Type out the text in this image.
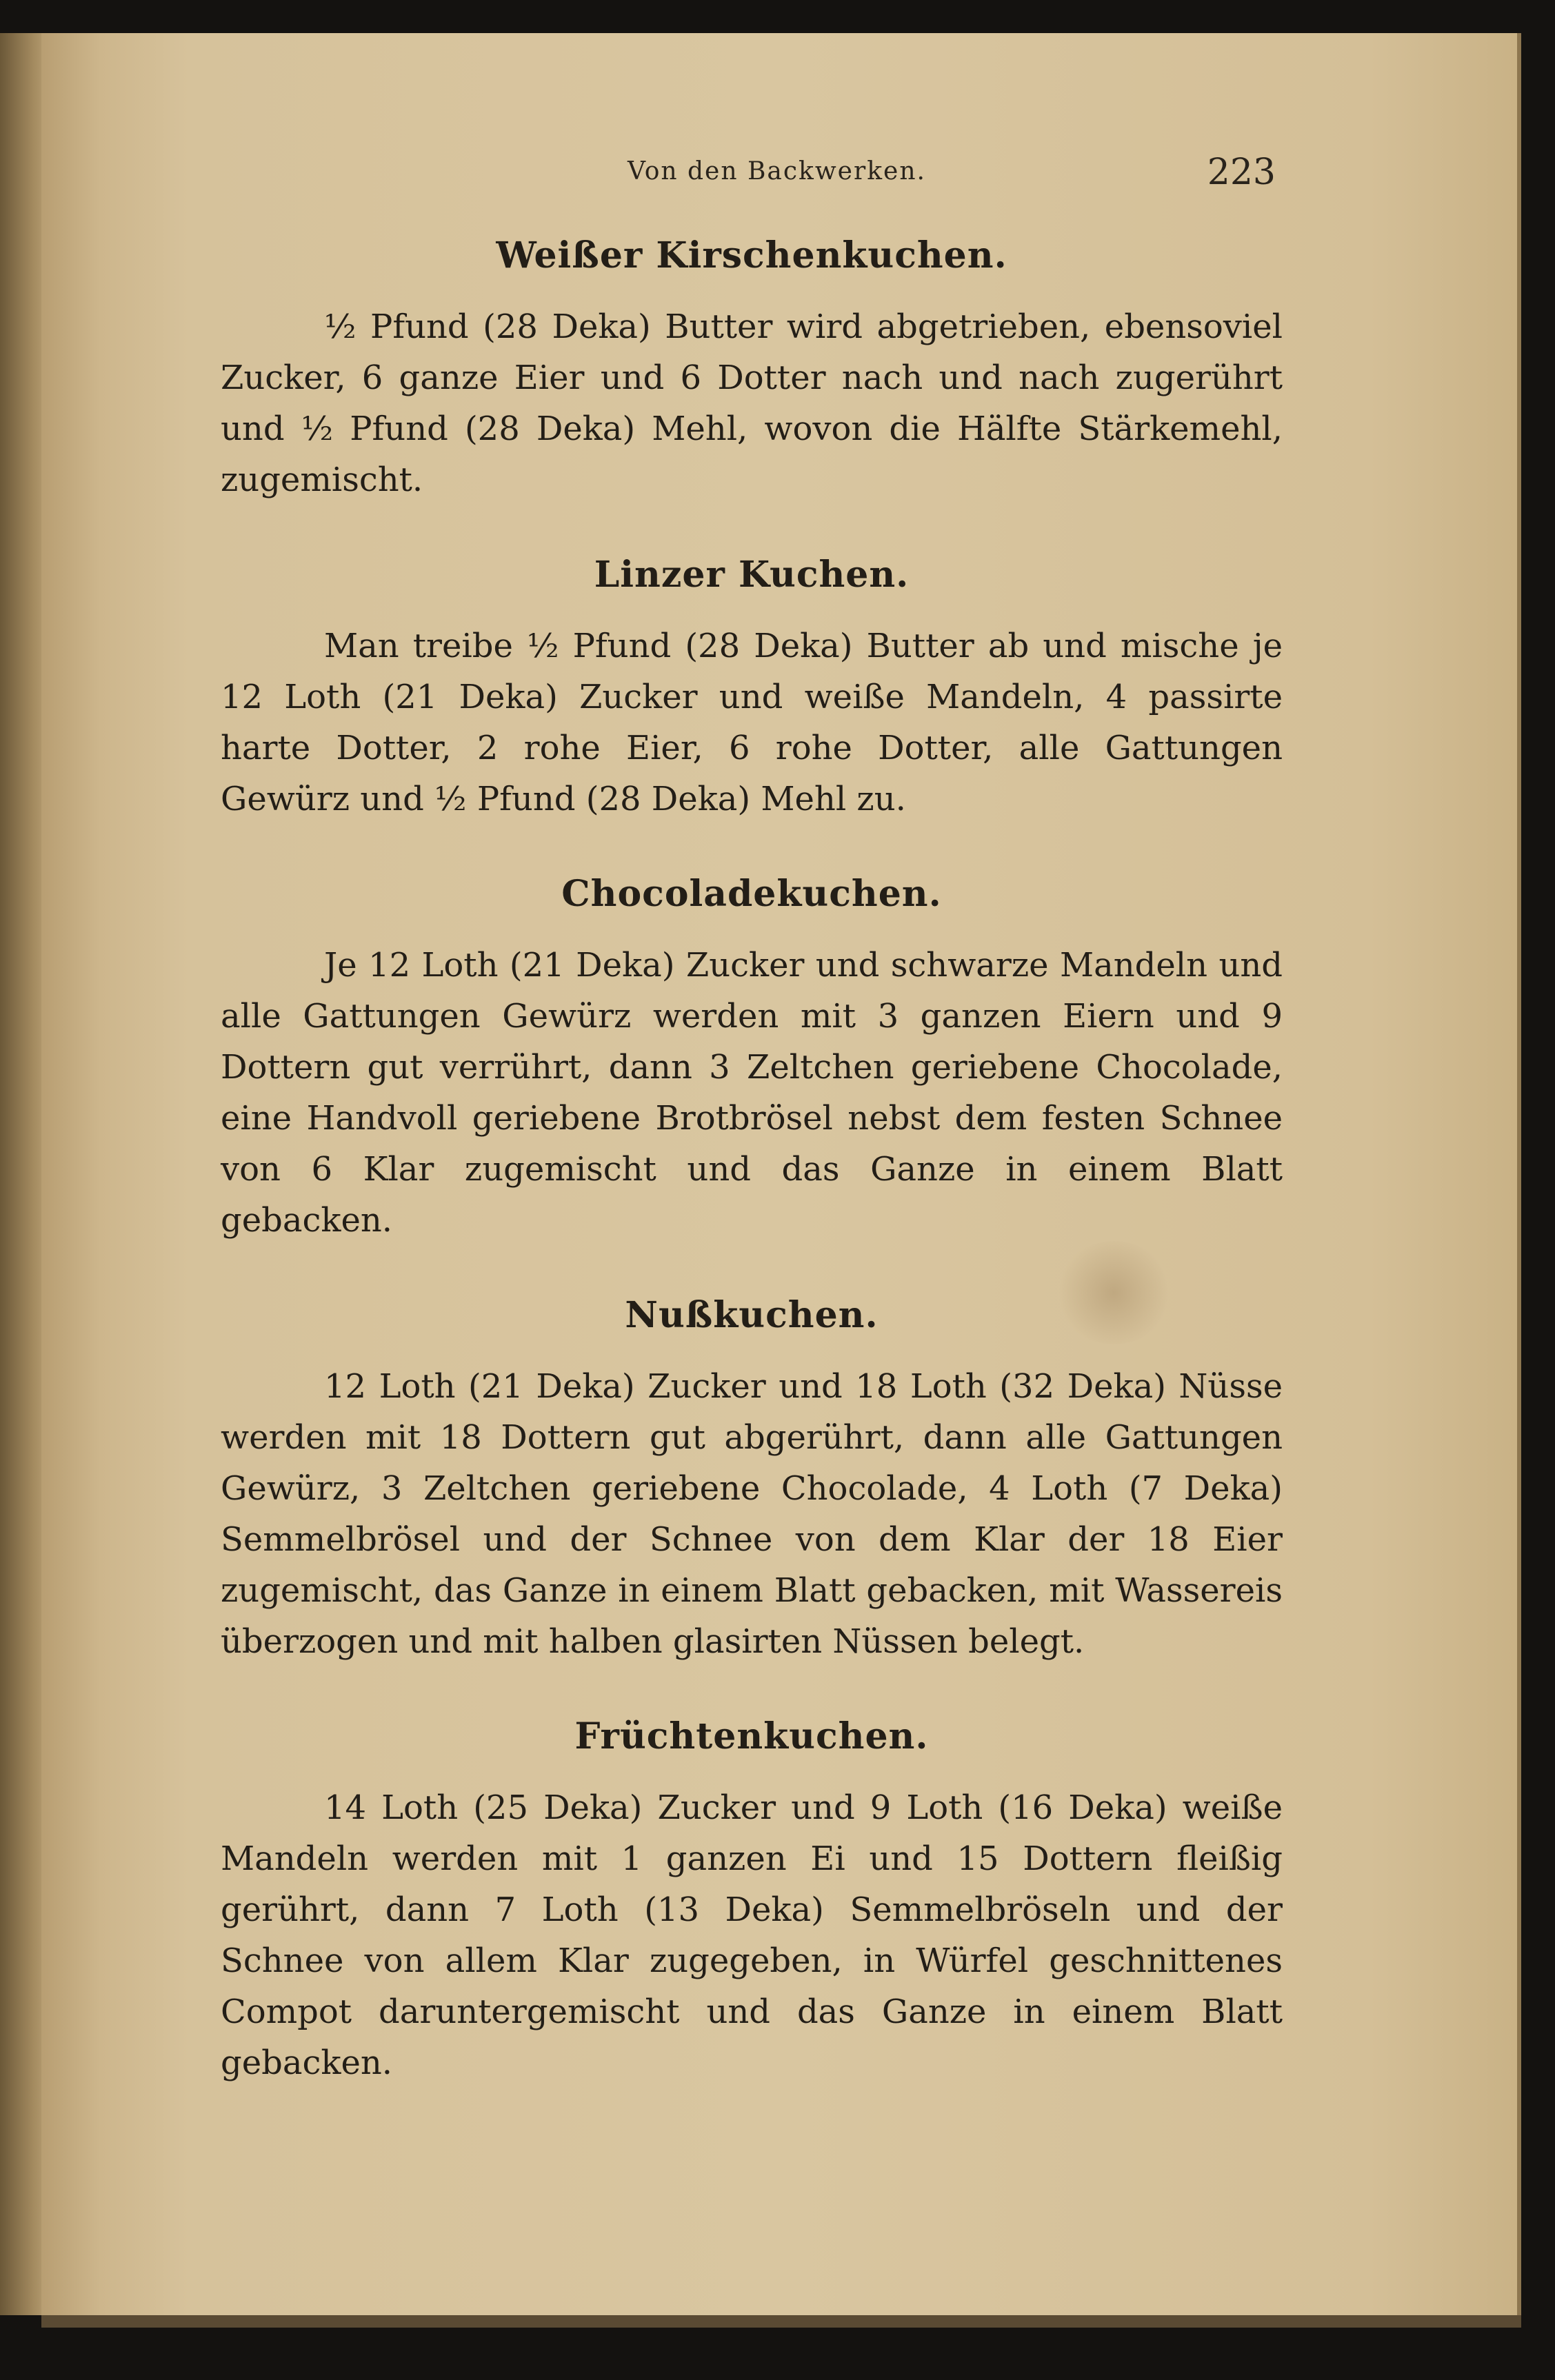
Von den Backwerken.	223
Weißer Kirschenkuchen.

½ Pfund (28 Deka) Butter wird abgetrieben, ebensoviel Zucker, 6 ganze Eier und 6 Dotter nach und nach zugerührt und ½ Pfund (28 Deka) Mehl, wovon die Hälfte Stärkemehl, zugemischt.

Linzer Kuchen.

Man treibe ½ Pfund (28 Deka) Butter ab und mische je 12 Loth (21 Deka) Zucker und weiße Mandeln, 4 passirte harte Dotter, 2 rohe Eier, 6 rohe Dotter, alle Gattungen Gewürz und ½ Pfund (28 Deka) Mehl zu.

Chocoladekuchen.

Je 12 Loth (21 Deka) Zucker und schwarze Mandeln und alle Gattungen Gewürz werden mit 3 ganzen Eiern und 9 Dottern gut verrührt, dann 3 Zeltchen geriebene Chocolade, eine Handvoll geriebene Brotbrösel nebst dem festen Schnee von 6 Klar zugemischt und das Ganze in einem Blatt gebacken.

Nußkuchen.

12 Loth (21 Deka) Zucker und 18 Loth (32 Deka) Nüsse werden mit 18 Dottern gut abgerührt, dann alle Gattungen Gewürz, 3 Zeltchen geriebene Chocolade, 4 Loth (7 Deka) Semmelbrösel und der Schnee von dem Klar der 18 Eier zugemischt, das Ganze in einem Blatt gebacken, mit Wassereis überzogen und mit halben glasirten Nüssen belegt.

Früchtenkuchen.

14 Loth (25 Deka) Zucker und 9 Loth (16 Deka) weiße Mandeln werden mit 1 ganzen Ei und 15 Dottern fleißig gerührt, dann 7 Loth (13 Deka) Semmelbröseln und der Schnee von allem Klar zugegeben, in Würfel geschnittenes Compot daruntergemischt und das Ganze in einem Blatt gebacken.
